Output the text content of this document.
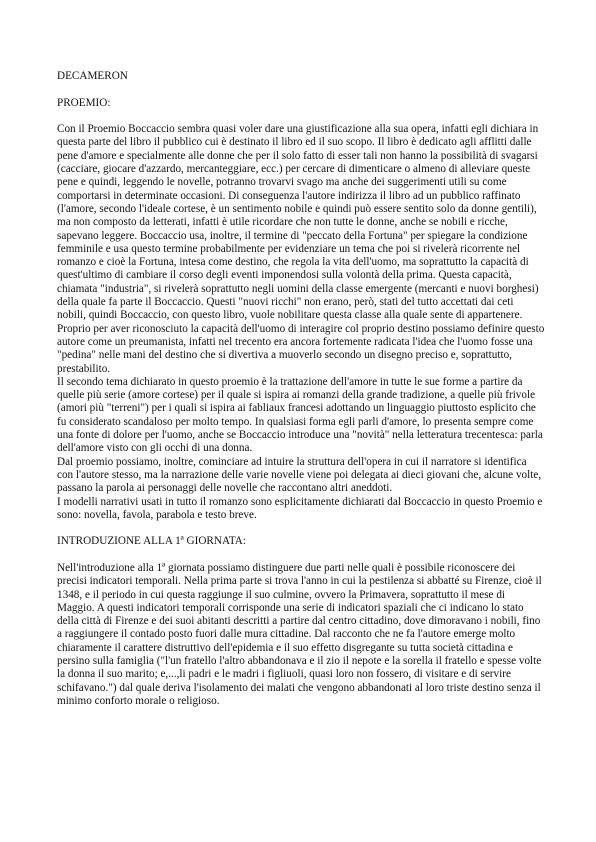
DECAMERON

PROEMIO:

Con il Proemio Boccaccio sembra quasi voler dare una giustificazione alla sua opera, infatti egli dichiara in questa parte del libro il pubblico cui è destinato il libro ed il suo scopo. Il libro è dedicato agli afflitti dalle pene d'amore e specialmente alle donne che per il solo fatto di esser tali non hanno la possibilità di svagarsi (cacciare, giocare d'azzardo, mercanteggiare, ecc.) per cercare di dimenticare o almeno di alleviare queste pene e quindi, leggendo le novelle, potranno trovarvi svago ma anche dei suggerimenti utili su come comportarsi in determinate occasioni. Di conseguenza l'autore indirizza il libro ad un pubblico raffinato (l'amore, secondo l'ideale cortese, è un sentimento nobile e quindi può essere sentito solo da donne gentili), ma non composto da letterati, infatti è utile ricordare che non tutte le donne, anche se nobili e ricche, sapevano leggere. Boccaccio usa, inoltre, il termine di "peccato della Fortuna" per spiegare la condizione femminile e usa questo termine probabilmente per evidenziare un tema che poi si rivelerà ricorrente nel romanzo e cioè la Fortuna, intesa come destino, che regola la vita dell'uomo, ma soprattutto la capacità di quest'ultimo di cambiare il corso degli eventi imponendosi sulla volontà della prima. Questa capacità, chiamata "industria", si rivelerà soprattutto negli uomini della classe emergente (mercanti e nuovi borghesi) della quale fa parte il Boccaccio. Questi "nuovi ricchi" non erano, però, stati del tutto accettati dai ceti nobili, quindi Boccaccio, con questo libro, vuole nobilitare questa classe alla quale sente di appartenere. Proprio per aver riconosciuto la capacità dell'uomo di interagire col proprio destino possiamo definire questo autore come un preumanista, infatti nel trecento era ancora fortemente radicata l'idea che l'uomo fosse una "pedina" nelle mani del destino che si divertiva a muoverlo secondo un disegno preciso e, soprattutto, prestabilito.

Il secondo tema dichiarato in questo proemio è la trattazione dell'amore in tutte le sue forme a partire da quelle più serie (amore cortese) per il quale si ispira ai romanzi della grande tradizione, a quelle più frivole (amori più "terreni") per i quali si ispira ai fabliaux francesi adottando un linguaggio piuttosto esplicito che fu considerato scandaloso per molto tempo. In qualsiasi forma egli parli d'amore, lo presenta sempre come una fonte di dolore per l'uomo, anche se Boccaccio introduce una "novità" nella letteratura trecentesca: parla dell'amore visto con gli occhi di una donna.

Dal proemio possiamo, inoltre, cominciare ad intuire la struttura dell'opera in cui il narratore si identifica con l'autore stesso, ma la narrazione delle varie novelle viene poi delegata ai dieci giovani che, alcune volte, passano la parola ai personaggi delle novelle che raccontano altri aneddoti.

I modelli narrativi usati in tutto il romanzo sono esplicitamente dichiarati dal Boccaccio in questo Proemio e sono: novella, favola, parabola e testo breve.

INTRODUZIONE ALLA 1ª GIORNATA:

Nell'introduzione alla 1ª giornata possiamo distinguere due parti nelle quali è possibile riconoscere dei precisi indicatori temporali. Nella prima parte si trova l'anno in cui la pestilenza si abbatté su Firenze, cioè il 1348, e il periodo in cui questa raggiunge il suo culmine, ovvero la Primavera, soprattutto il mese di Maggio. A questi indicatori temporali corrisponde una serie di indicatori spaziali che ci indicano lo stato della città di Firenze e dei suoi abitanti descritti a partire dal centro cittadino, dove dimoravano i nobili, fino a raggiungere il contado posto fuori dalle mura cittadine. Dal racconto che ne fa l'autore emerge molto chiaramente il carattere distruttivo dell'epidemia e il suo effetto disgregante su tutta società cittadina e persino sulla famiglia ("l'un fratello l'altro abbandonava e il zio il nepote e la sorella il fratello e spesse volte la donna il suo marito; e,...,li padri e le madri i figliuoli, quasi loro non fossero, di visitare e di servire schifavano.") dal quale deriva l'isolamento dei malati che vengono abbandonati al loro triste destino senza il minimo conforto morale o religioso.
